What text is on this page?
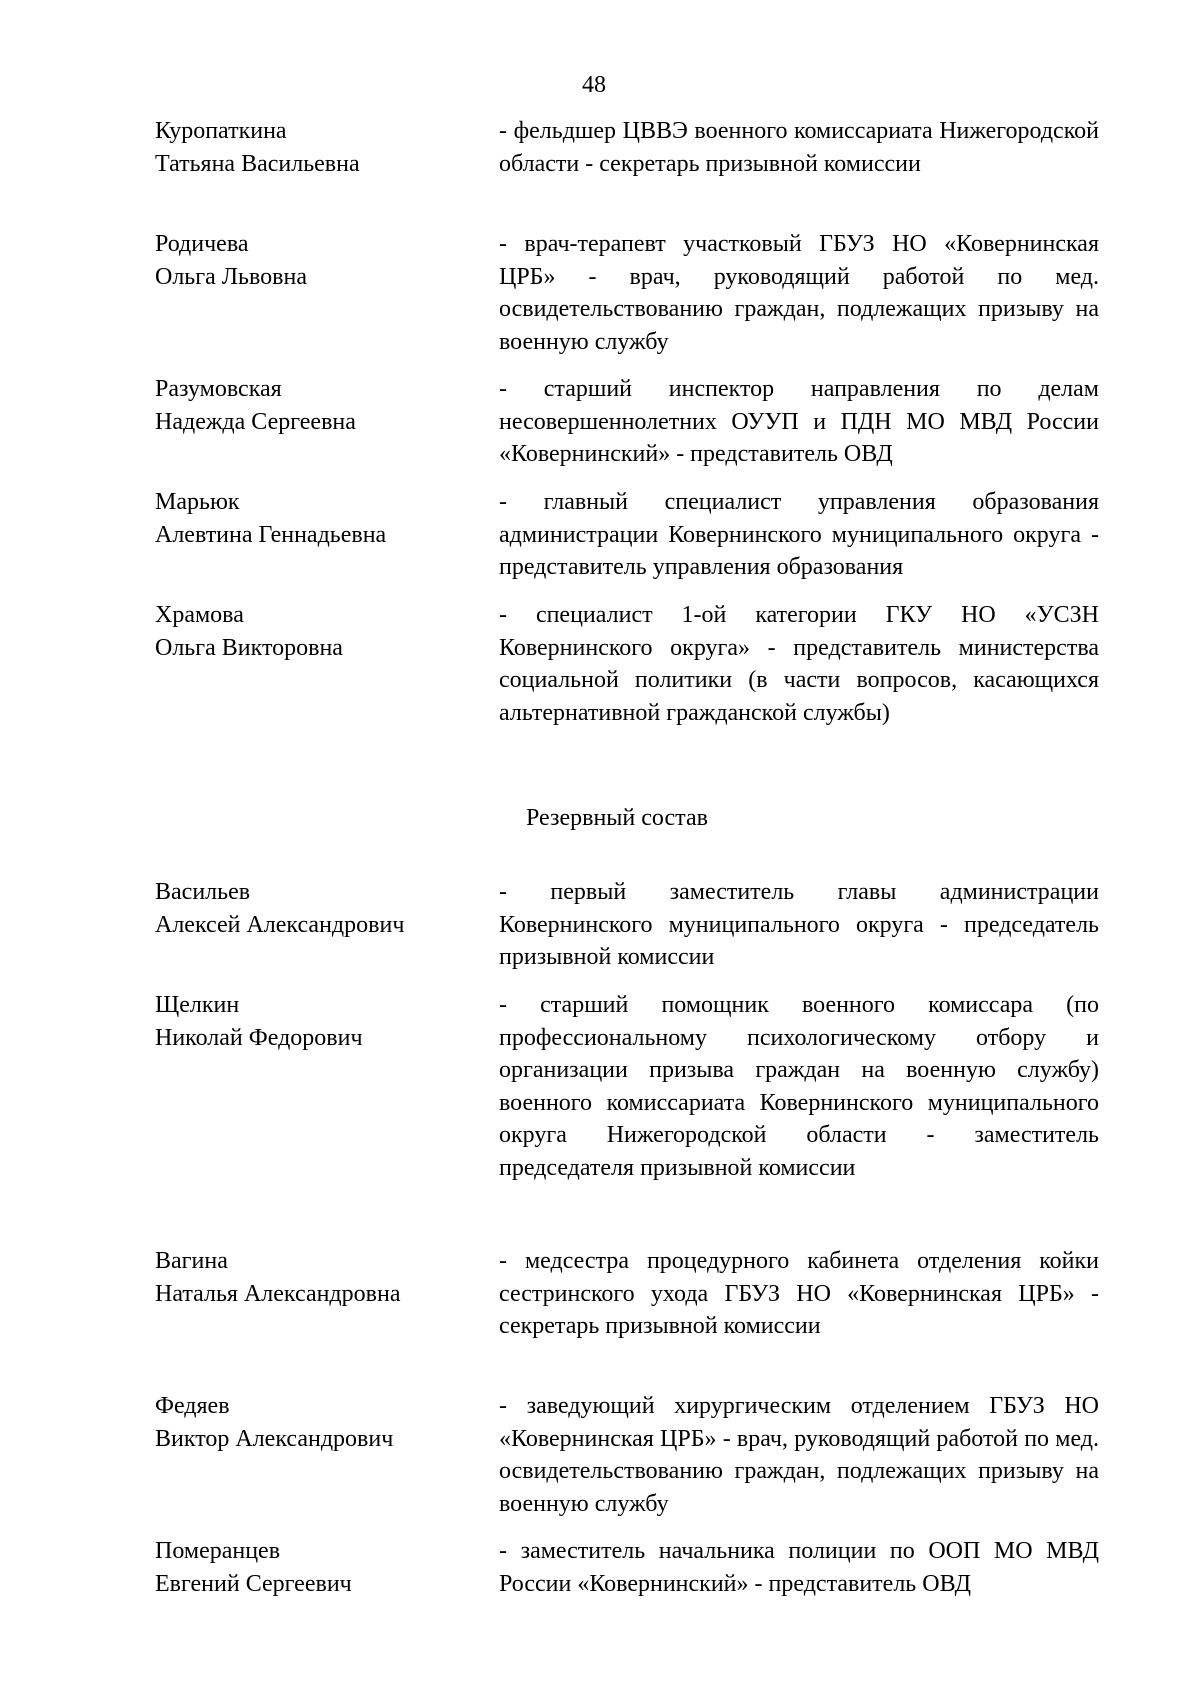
48
Куропаткина
Татьяна Васильевна
- фельдшер ЦВВЭ военного комиссариата Нижегородской области - секретарь призывной комиссии
Родичева
Ольга Львовна
- врач-терапевт участковый ГБУЗ НО «Ковернинская ЦРБ» - врач, руководящий работой по мед. освидетельствованию граждан, подлежащих призыву на военную службу
Разумовская
Надежда Сергеевна
- старший инспектор направления по делам несовершеннолетних ОУУП и ПДН МО МВД России «Ковернинский» - представитель ОВД
Марьюк
Алевтина Геннадьевна
- главный специалист управления образования администрации Ковернинского муниципального округа - представитель управления образования
Храмова
Ольга Викторовна
- специалист 1-ой категории ГКУ НО «УСЗН Ковернинского округа» - представитель министерства социальной политики (в части вопросов, касающихся альтернативной гражданской службы)
Резервный состав
Васильев
Алексей Александрович
- первый заместитель главы администрации Ковернинского муниципального округа - председатель призывной комиссии
Щелкин
Николай Федорович
- старший помощник военного комиссара (по профессиональному психологическому отбору и организации призыва граждан на военную службу) военного комиссариата Ковернинского муниципального округа Нижегородской области - заместитель председателя призывной комиссии
Вагина
Наталья Александровна
- медсестра процедурного кабинета отделения койки сестринского ухода ГБУЗ НО «Ковернинская ЦРБ» - секретарь призывной комиссии
Федяев
Виктор Александрович
- заведующий хирургическим отделением ГБУЗ НО «Ковернинская ЦРБ» - врач, руководящий работой по мед. освидетельствованию граждан, подлежащих призыву на военную службу
Померанцев
Евгений Сергеевич
- заместитель начальника полиции по ООП МО МВД России «Ковернинский» - представитель ОВД
